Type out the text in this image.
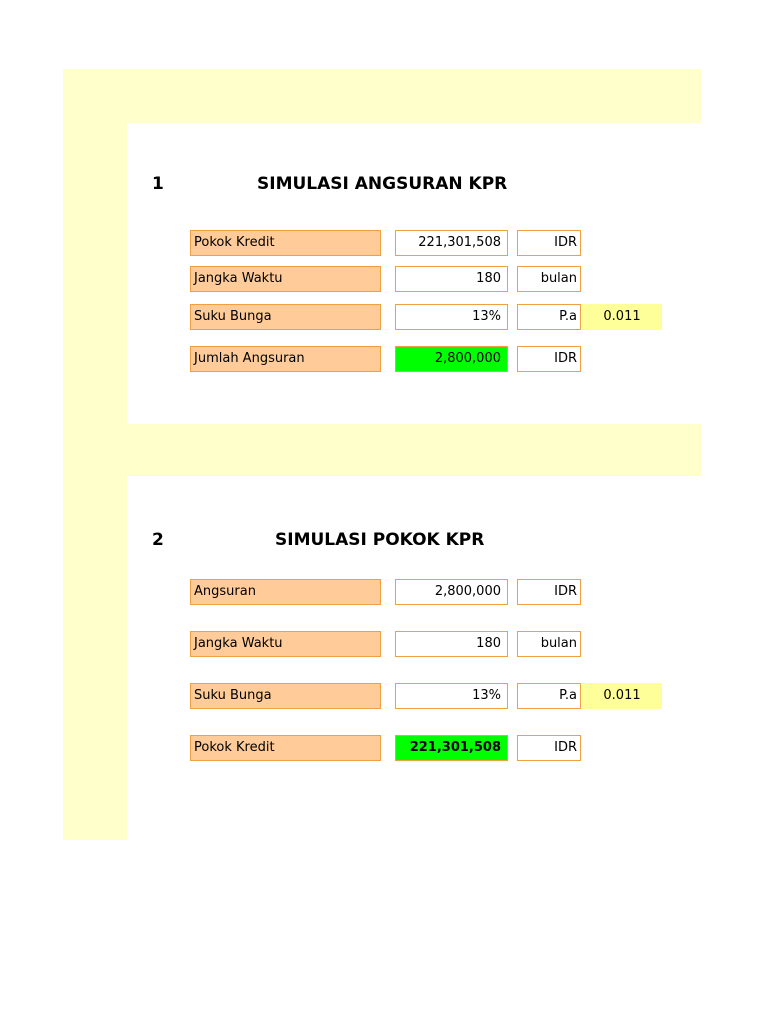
1	SIMULASI ANGSURAN KPR
Pokok Kredit	221,301,508	IDR
Jangka Waktu	180	bulan
Suku Bunga	13%	P.a	0.011
Jumlah Angsuran	2,800,000	IDR
2	SIMULASI POKOK KPR
Angsuran	2,800,000	IDR
Jangka Waktu	180	bulan
Suku Bunga	13%	P.a	0.011
Pokok Kredit	221,301,508	IDR
